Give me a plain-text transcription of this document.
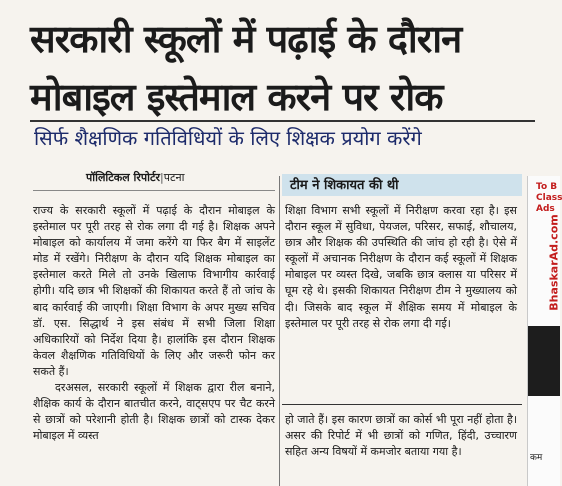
सरकारी स्कूलों में पढ़ाई के दौरान
मोबाइल इस्तेमाल करने पर रोक
सिर्फ शैक्षणिक गतिविधियों के लिए शिक्षक प्रयोग करेंगे
पॉलिटिकल रिपोर्टर|पटना

राज्य के सरकारी स्कूलों में पढ़ाई के दौरान मोबाइल के इस्तेमाल पर पूरी तरह से रोक लगा दी गई है। शिक्षक अपने मोबाइल को कार्यालय में जमा करेंगे या फिर बैग में साइलेंट मोड में रखेंगे। निरीक्षण के दौरान यदि शिक्षक मोबाइल का इस्तेमाल करते मिले तो उनके खिलाफ विभागीय कार्रवाई होगी। यदि छात्र भी शिक्षकों की शिकायत करते हैं तो जांच के बाद कार्रवाई की जाएगी। शिक्षा विभाग के अपर मुख्य सचिव डॉ. एस. सिद्धार्थ ने इस संबंध में सभी जिला शिक्षा अधिकारियों को निर्देश दिया है। हालांकि इस दौरान शिक्षक केवल शैक्षणिक गतिविधियों के लिए और जरूरी फोन कर सकते हैं।

दरअसल, सरकारी स्कूलों में शिक्षक द्वारा रील बनाने, शैक्षिक कार्य के दौरान बातचीत करने, वाट्सएप पर चैट करने से छात्रों को परेशानी होती है। शिक्षक छात्रों को टास्क देकर मोबाइल में व्यस्त

टीम ने शिकायत की थी
शिक्षा विभाग सभी स्कूलों में निरीक्षण करवा रहा है। इस दौरान स्कूल में सुविधा, पेयजल, परिसर, सफाई, शौचालय, छात्र और शिक्षक की उपस्थिति की जांच हो रही है। ऐसे में स्कूलों में अचानक निरीक्षण के दौरान कई स्कूलों में शिक्षक मोबाइल पर व्यस्त दिखे, जबकि छात्र क्लास या परिसर में घूम रहे थे। इसकी शिकायत निरीक्षण टीम ने मुख्यालय को दी। जिसके बाद स्कूल में शैक्षिक समय में मोबाइल के इस्तेमाल पर पूरी तरह से रोक लगा दी गई।
हो जाते हैं। इस कारण छात्रों का कोर्स भी पूरा नहीं होता है। असर की रिपोर्ट में भी छात्रों को गणित, हिंदी, उच्चारण सहित अन्य विषयों में कमजोर बताया गया है।
To B
Class
Ads
BhaskarAd.com
कम
